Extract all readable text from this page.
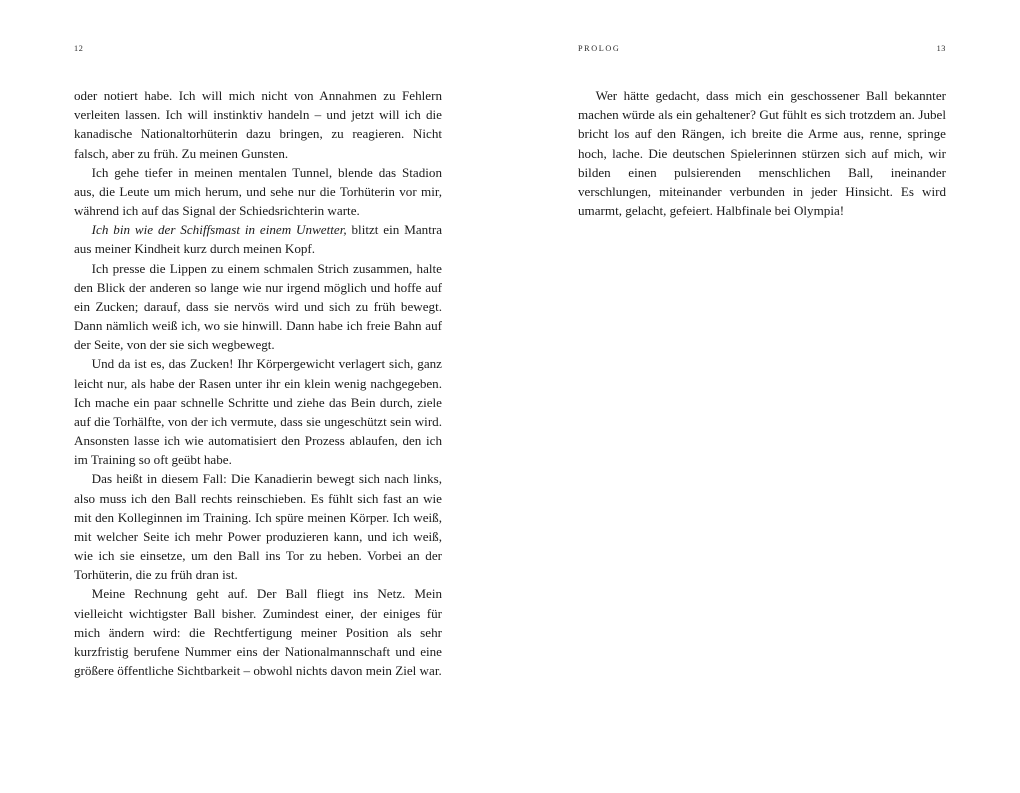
12

oder notiert habe. Ich will mich nicht von Annahmen zu Fehlern verleiten lassen. Ich will instinktiv handeln – und jetzt will ich die kanadische Nationaltorhüterin dazu bringen, zu reagieren. Nicht falsch, aber zu früh. Zu meinen Gunsten.

Ich gehe tiefer in meinen mentalen Tunnel, blende das Stadion aus, die Leute um mich herum, und sehe nur die Torhüterin vor mir, während ich auf das Signal der Schiedsrichterin warte.

Ich bin wie der Schiffsmast in einem Unwetter, blitzt ein Mantra aus meiner Kindheit kurz durch meinen Kopf.

Ich presse die Lippen zu einem schmalen Strich zusammen, halte den Blick der anderen so lange wie nur irgend möglich und hoffe auf ein Zucken; darauf, dass sie nervös wird und sich zu früh bewegt. Dann nämlich weiß ich, wo sie hinwill. Dann habe ich freie Bahn auf der Seite, von der sie sich wegbewegt.

Und da ist es, das Zucken! Ihr Körpergewicht verlagert sich, ganz leicht nur, als habe der Rasen unter ihr ein klein wenig nachgegeben. Ich mache ein paar schnelle Schritte und ziehe das Bein durch, ziele auf die Torhälfte, von der ich vermute, dass sie ungeschützt sein wird. Ansonsten lasse ich wie automatisiert den Prozess ablaufen, den ich im Training so oft geübt habe.

Das heißt in diesem Fall: Die Kanadierin bewegt sich nach links, also muss ich den Ball rechts reinschieben. Es fühlt sich fast an wie mit den Kolleginnen im Training. Ich spüre meinen Körper. Ich weiß, mit welcher Seite ich mehr Power produzieren kann, und ich weiß, wie ich sie einsetze, um den Ball ins Tor zu heben. Vorbei an der Torhüterin, die zu früh dran ist.

Meine Rechnung geht auf. Der Ball fliegt ins Netz. Mein vielleicht wichtigster Ball bisher. Zumindest einer, der einiges für mich ändern wird: die Rechtfertigung meiner Position als sehr kurzfristig berufene Nummer eins der Nationalmannschaft und eine größere öffentliche Sichtbarkeit – obwohl nichts davon mein Ziel war.

PROLOG	13

Wer hätte gedacht, dass mich ein geschossener Ball bekannter machen würde als ein gehaltener? Gut fühlt es sich trotzdem an. Jubel bricht los auf den Rängen, ich breite die Arme aus, renne, springe hoch, lache. Die deutschen Spielerinnen stürzen sich auf mich, wir bilden einen pulsierenden menschlichen Ball, ineinander verschlungen, miteinander verbunden in jeder Hinsicht. Es wird umarmt, gelacht, gefeiert. Halbfinale bei Olympia!
